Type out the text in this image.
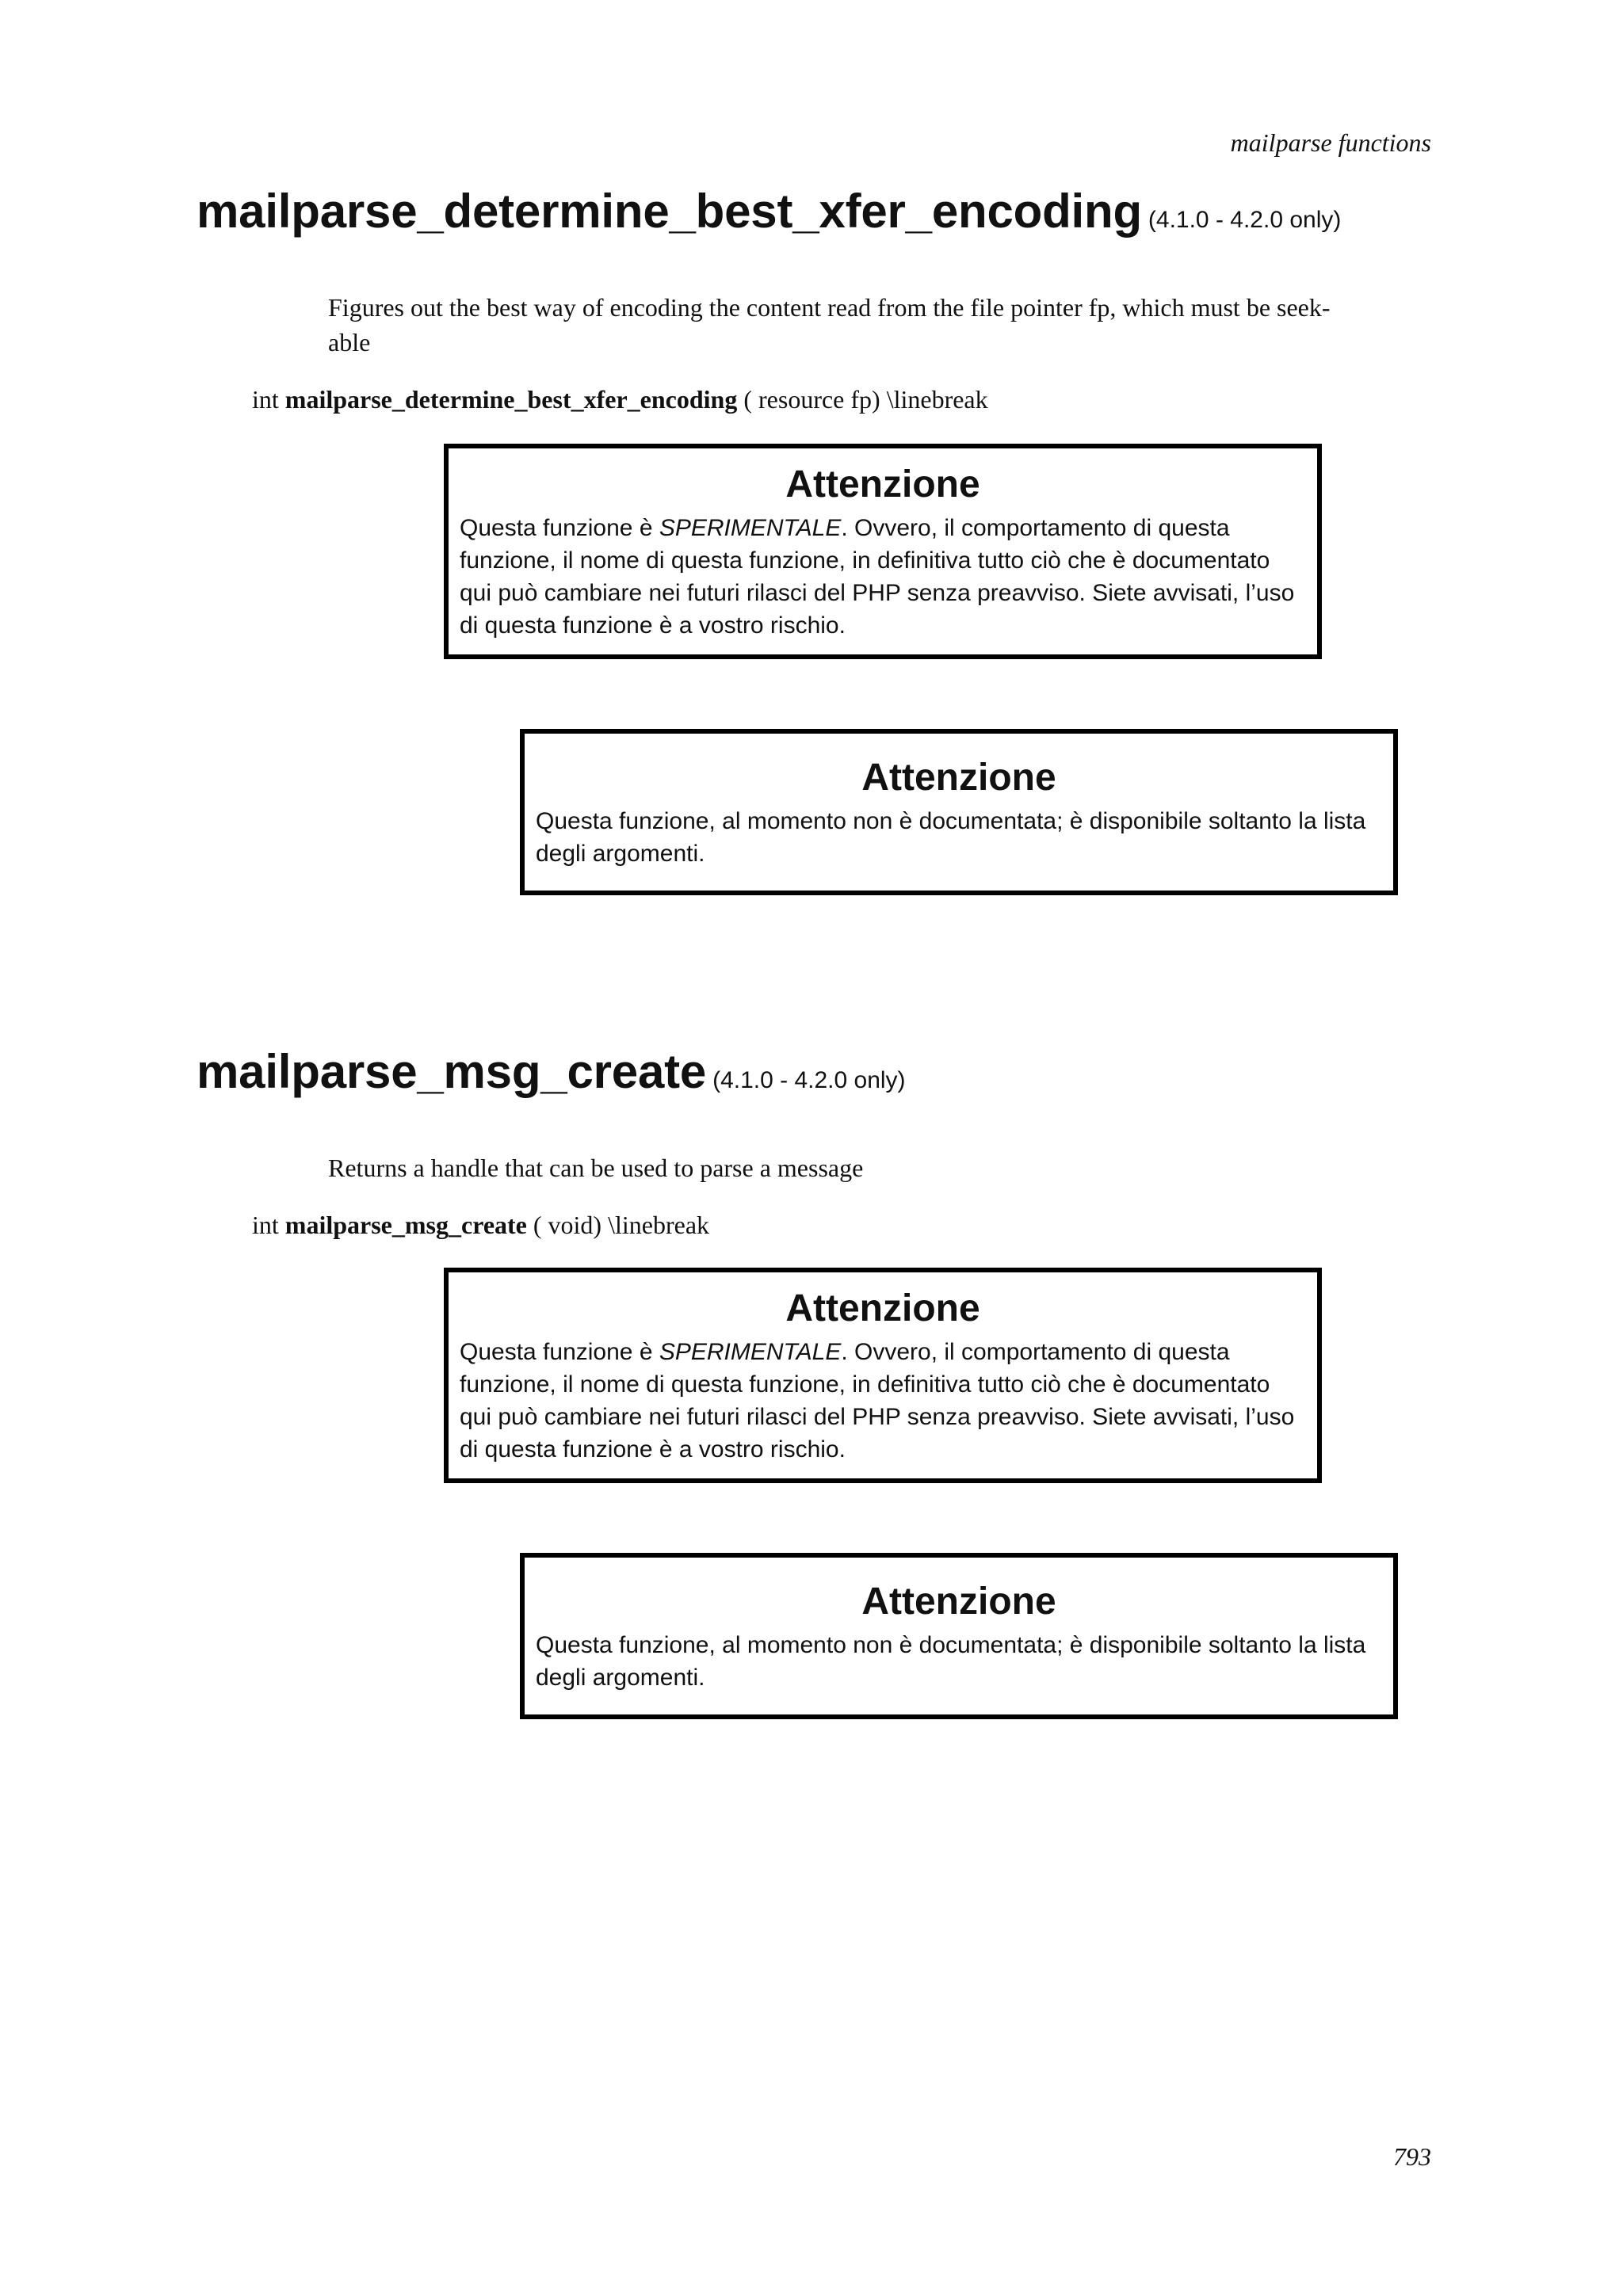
mailparse functions
mailparse_determine_best_xfer_encoding (4.1.0 - 4.2.0 only)
Figures out the best way of encoding the content read from the file pointer fp, which must be seek-able
int mailparse_determine_best_xfer_encoding ( resource fp) \linebreak
Attenzione
Questa funzione è SPERIMENTALE. Ovvero, il comportamento di questa funzione, il nome di questa funzione, in definitiva tutto ciò che è documentato qui può cambiare nei futuri rilasci del PHP senza preavviso. Siete avvisati, l’uso di questa funzione è a vostro rischio.
Attenzione
Questa funzione, al momento non è documentata; è disponibile soltanto la lista degli argomenti.
mailparse_msg_create (4.1.0 - 4.2.0 only)
Returns a handle that can be used to parse a message
int mailparse_msg_create ( void) \linebreak
Attenzione
Questa funzione è SPERIMENTALE. Ovvero, il comportamento di questa funzione, il nome di questa funzione, in definitiva tutto ciò che è documentato qui può cambiare nei futuri rilasci del PHP senza preavviso. Siete avvisati, l’uso di questa funzione è a vostro rischio.
Attenzione
Questa funzione, al momento non è documentata; è disponibile soltanto la lista degli argomenti.
793
